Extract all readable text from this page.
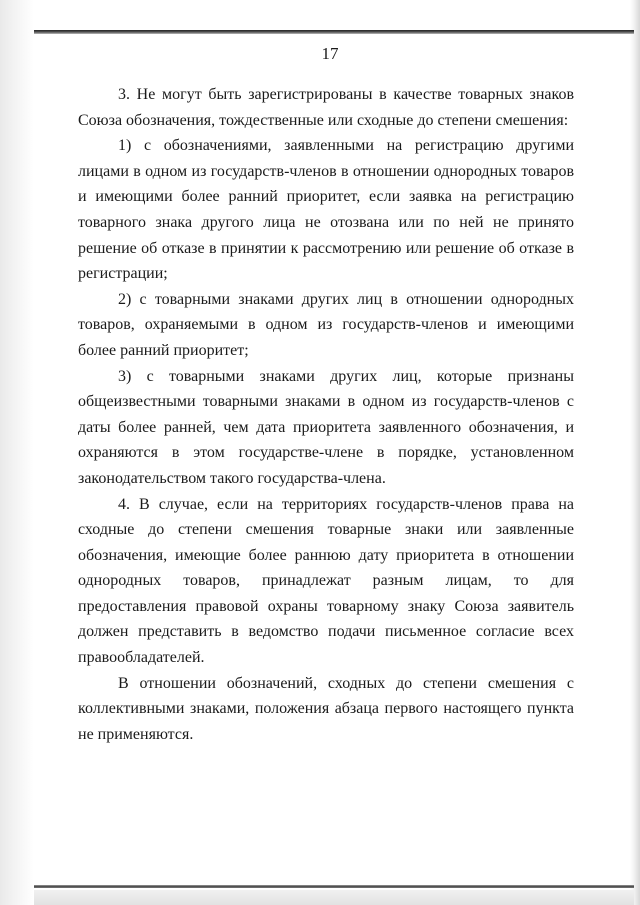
17

3. Не могут быть зарегистрированы в качестве товарных знаков Союза обозначения, тождественные или сходные до степени смешения:

1) с обозначениями, заявленными на регистрацию другими лицами в одном из государств-членов в отношении однородных товаров и имеющими более ранний приоритет, если заявка на регистрацию товарного знака другого лица не отозвана или по ней не принято решение об отказе в принятии к рассмотрению или решение об отказе в регистрации;

2) с товарными знаками других лиц в отношении однородных товаров, охраняемыми в одном из государств-членов и имеющими более ранний приоритет;

3) с товарными знаками других лиц, которые признаны общеизвестными товарными знаками в одном из государств-членов с даты более ранней, чем дата приоритета заявленного обозначения, и охраняются в этом государстве-члене в порядке, установленном законодательством такого государства-члена.

4. В случае, если на территориях государств-членов права на сходные до степени смешения товарные знаки или заявленные обозначения, имеющие более раннюю дату приоритета в отношении однородных товаров, принадлежат разным лицам, то для предоставления правовой охраны товарному знаку Союза заявитель должен представить в ведомство подачи письменное согласие всех правообладателей.

В отношении обозначений, сходных до степени смешения с коллективными знаками, положения абзаца первого настоящего пункта не применяются.
